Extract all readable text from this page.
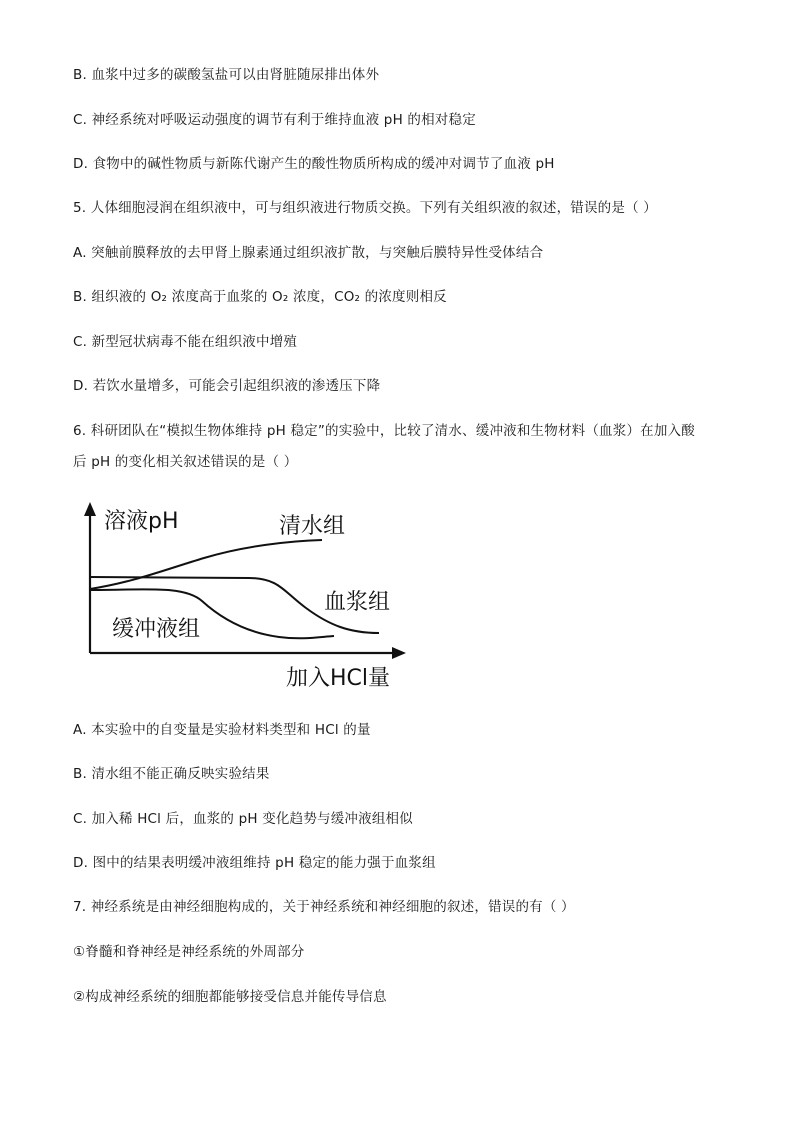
B. 血浆中过多的碳酸氢盐可以由肾脏随尿排出体外
C. 神经系统对呼吸运动强度的调节有利于维持血液 pH 的相对稳定
D. 食物中的碱性物质与新陈代谢产生的酸性物质所构成的缓冲对调节了血液 pH
5. 人体细胞浸润在组织液中，可与组织液进行物质交换。下列有关组织液的叙述，错误的是（ ）
A. 突触前膜释放的去甲肾上腺素通过组织液扩散，与突触后膜特异性受体结合
B. 组织液的 O₂ 浓度高于血浆的 O₂ 浓度，CO₂ 的浓度则相反
C. 新型冠状病毒不能在组织液中增殖
D. 若饮水量增多，可能会引起组织液的渗透压下降
6. 科研团队在“模拟生物体维持 pH 稳定”的实验中，比较了清水、缓冲液和生物材料（血浆）在加入酸
后 pH 的变化相关叙述错误的是（ ）
溶液pH
加入HCl量
清水组
血浆组
缓冲液组
A. 本实验中的自变量是实验材料类型和 HCl 的量
B. 清水组不能正确反映实验结果
C. 加入稀 HCl 后，血浆的 pH 变化趋势与缓冲液组相似
D. 图中的结果表明缓冲液组维持 pH 稳定的能力强于血浆组
7. 神经系统是由神经细胞构成的，关于神经系统和神经细胞的叙述，错误的有（ ）
①脊髓和脊神经是神经系统的外周部分
②构成神经系统的细胞都能够接受信息并能传导信息
